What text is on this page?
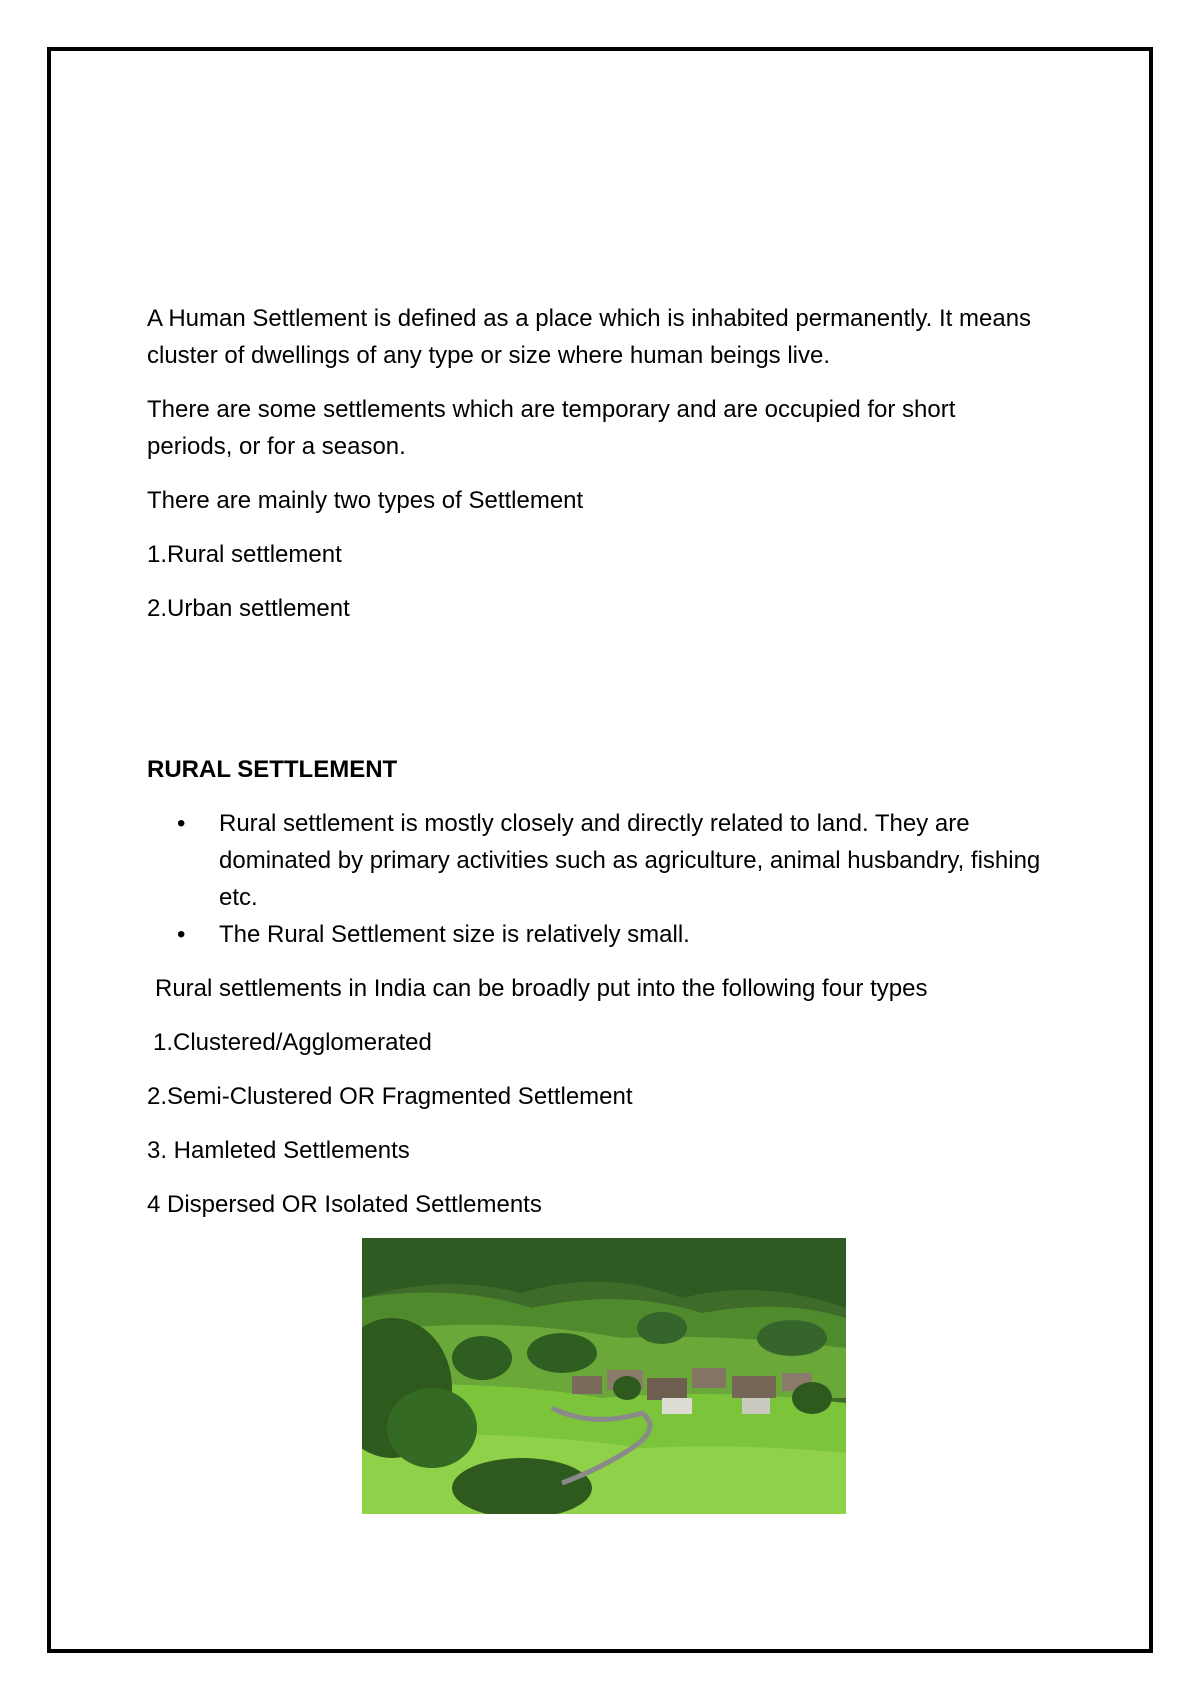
A Human Settlement is defined as a place which is inhabited permanently. It means cluster of dwellings of any type or size where human beings live.

There are some settlements which are temporary and are occupied for short periods, or for a season.

There are mainly two types of Settlement

1.Rural settlement

2.Urban settlement

RURAL SETTLEMENT

• Rural settlement is mostly closely and directly related to land. They are dominated by primary activities such as agriculture, animal husbandry, fishing etc.
• The Rural Settlement size is relatively small.

Rural settlements in India can be broadly put into the following four types

1.Clustered/Agglomerated

2.Semi-Clustered OR Fragmented Settlement

3. Hamleted Settlements

4 Dispersed OR Isolated Settlements
